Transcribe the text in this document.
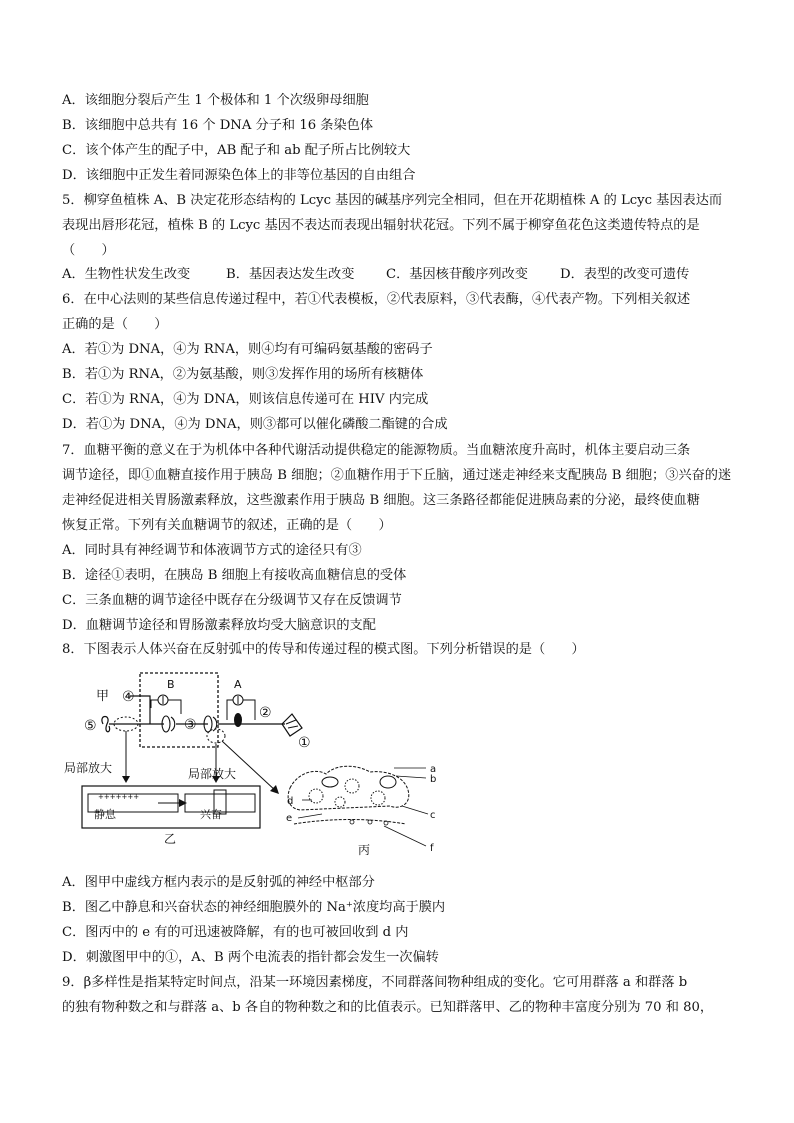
A．该细胞分裂后产生 1 个极体和 1 个次级卵母细胞
B．该细胞中总共有 16 个 DNA 分子和 16 条染色体
C．该个体产生的配子中，AB 配子和 ab 配子所占比例较大
D．该细胞中正发生着同源染色体上的非等位基因的自由组合
5．柳穿鱼植株 A、B 决定花形态结构的 Lcyc 基因的碱基序列完全相同，但在开花期植株 A 的 Lcyc 基因表达而
表现出唇形花冠，植株 B 的 Lcyc 基因不表达而表现出辐射状花冠。下列不属于柳穿鱼花色这类遗传特点的是
（　　）
A．生物性状发生改变	B．基因表达发生改变 C．基因核苷酸序列改变 D．表型的改变可遗传
6．在中心法则的某些信息传递过程中，若①代表模板，②代表原料，③代表酶，④代表产物。下列相关叙述
正确的是（　　）
A．若①为 DNA，④为 RNA，则④均有可编码氨基酸的密码子
B．若①为 RNA，②为氨基酸，则③发挥作用的场所有核糖体
C．若①为 RNA，④为 DNA，则该信息传递可在 HIV 内完成
D．若①为 DNA，④为 DNA，则③都可以催化磷酸二酯键的合成
7．血糖平衡的意义在于为机体中各种代谢活动提供稳定的能源物质。当血糖浓度升高时，机体主要启动三条
调节途径，即①血糖直接作用于胰岛 B 细胞；②血糖作用于下丘脑，通过迷走神经来支配胰岛 B 细胞；③兴奋的迷
走神经促进相关胃肠激素释放，这些激素作用于胰岛 B 细胞。这三条路径都能促进胰岛素的分泌，最终使血糖
恢复正常。下列有关血糖调节的叙述，正确的是（　　）
A．同时具有神经调节和体液调节方式的途径只有③
B．途径①表明，在胰岛 B 细胞上有接收高血糖信息的受体
C．三条血糖的调节途径中既存在分级调节又存在反馈调节
D．血糖调节途径和胃肠激素释放均受大脑意识的支配
8．下图表示人体兴奋在反射弧中的传导和传递过程的模式图。下列分析错误的是（　　）
甲 ④
⑤	③
B	A
②
①
局部放大	局部放大
+++++++
静息	兴奋
乙
a
b
c
d
e
f
丙
A．图甲中虚线方框内表示的是反射弧的神经中枢部分
B．图乙中静息和兴奋状态的神经细胞膜外的 Na⁺浓度均高于膜内
C．图丙中的 e 有的可迅速被降解，有的也可被回收到 d 内
D．刺激图甲中的①，A、B 两个电流表的指针都会发生一次偏转
9．β多样性是指某特定时间点，沿某一环境因素梯度，不同群落间物种组成的变化。它可用群落 a 和群落 b
的独有物种数之和与群落 a、b 各自的物种数之和的比值表示。已知群落甲、乙的物种丰富度分别为 70 和 80，
